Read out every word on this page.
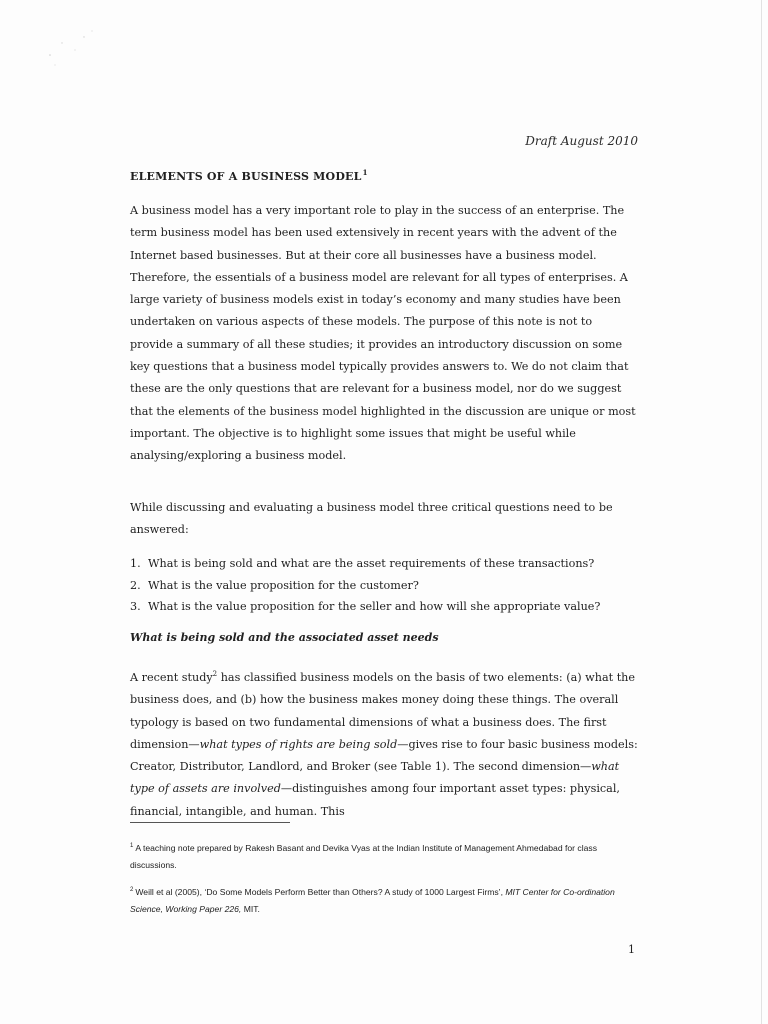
Draft August 2010
ELEMENTS OF A BUSINESS MODEL$^1$

A business model has a very important role to play in the success of an enterprise. The term business model has been used extensively in recent years with the advent of the Internet based businesses. But at their core all businesses have a business model. Therefore, the essentials of a business model are relevant for all types of enterprises. A large variety of business models exist in today’s economy and many studies have been undertaken on various aspects of these models. The purpose of this note is not to provide a summary of all these studies; it provides an introductory discussion on some key questions that a business model typically provides answers to. We do not claim that these are the only questions that are relevant for a business model, nor do we suggest that the elements of the business model highlighted in the discussion are unique or most important. The objective is to highlight some issues that might be useful while analysing/exploring a business model.

While discussing and evaluating a business model three critical questions need to be answered:

1. What is being sold and what are the asset requirements of these transactions?
2. What is the value proposition for the customer?
3. What is the value proposition for the seller and how will she appropriate value?
What is being sold and the associated asset needs

A recent study$^2$ has classified business models on the basis of two elements: (a) what the business does, and (b) how the business makes money doing these things. The overall typology is based on two fundamental dimensions of what a business does. The first dimension—what types of rights are being sold—gives rise to four basic business models: Creator, Distributor, Landlord, and Broker (see Table 1). The second dimension—what type of assets are involved—distinguishes among four important asset types: physical, financial, intangible, and human. This

$^1$ A teaching note prepared by Rakesh Basant and Devika Vyas at the Indian Institute of Management Ahmedabad for class discussions.
$^2$ Weill et al (2005), ‘Do Some Models Perform Better than Others? A study of 1000 Largest Firms’, MIT Center for Co-ordination Science, Working Paper 226, MIT.
1
